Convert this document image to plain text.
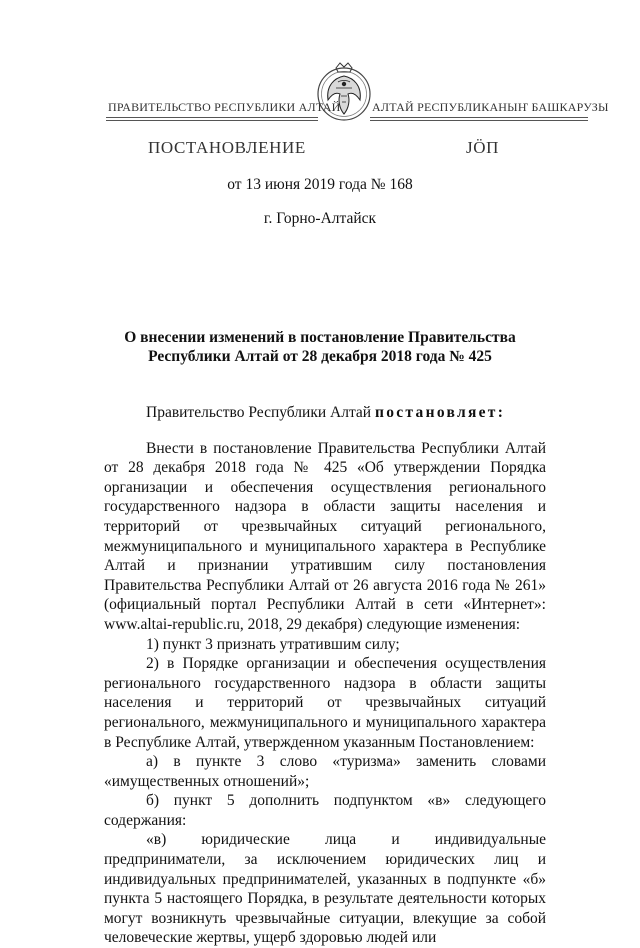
ПРАВИТЕЛЬСТВО РЕСПУБЛИКИ АЛТАЙ	АЛТАЙ РЕСПУБЛИКАНЫҤ БАШКАРУЗЫ
ПОСТАНОВЛЕНИЕ	ЈӦП
от 13 июня 2019 года № 168
г. Горно-Алтайск
О внесении изменений в постановление Правительства Республики Алтай от 28 декабря 2018 года № 425

Правительство Республики Алтай постановляет:

Внести в постановление Правительства Республики Алтай от 28 декабря 2018 года № 425 «Об утверждении Порядка организации и обеспечения осуществления регионального государственного надзора в области защиты населения и территорий от чрезвычайных ситуаций регионального, межмуниципального и муниципального характера в Республике Алтай и признании утратившим силу постановления Правительства Республики Алтай от 26 августа 2016 года № 261» (официальный портал Республики Алтай в сети «Интернет»: www.altai-republic.ru, 2018, 29 декабря) следующие изменения:

1) пункт 3 признать утратившим силу;

2) в Порядке организации и обеспечения осуществления регионального государственного надзора в области защиты населения и территорий от чрезвычайных ситуаций регионального, межмуниципального и муниципального характера в Республике Алтай, утвержденном указанным Постановлением:

а) в пункте 3 слово «туризма» заменить словами «имущественных отношений»;

б) пункт 5 дополнить подпунктом «в» следующего содержания:

«в) юридические лица и индивидуальные предприниматели, за исключением юридических лиц и индивидуальных предпринимателей, указанных в подпункте «б» пункта 5 настоящего Порядка, в результате деятельности которых могут возникнуть чрезвычайные ситуации, влекущие за собой человеческие жертвы, ущерб здоровью людей или
